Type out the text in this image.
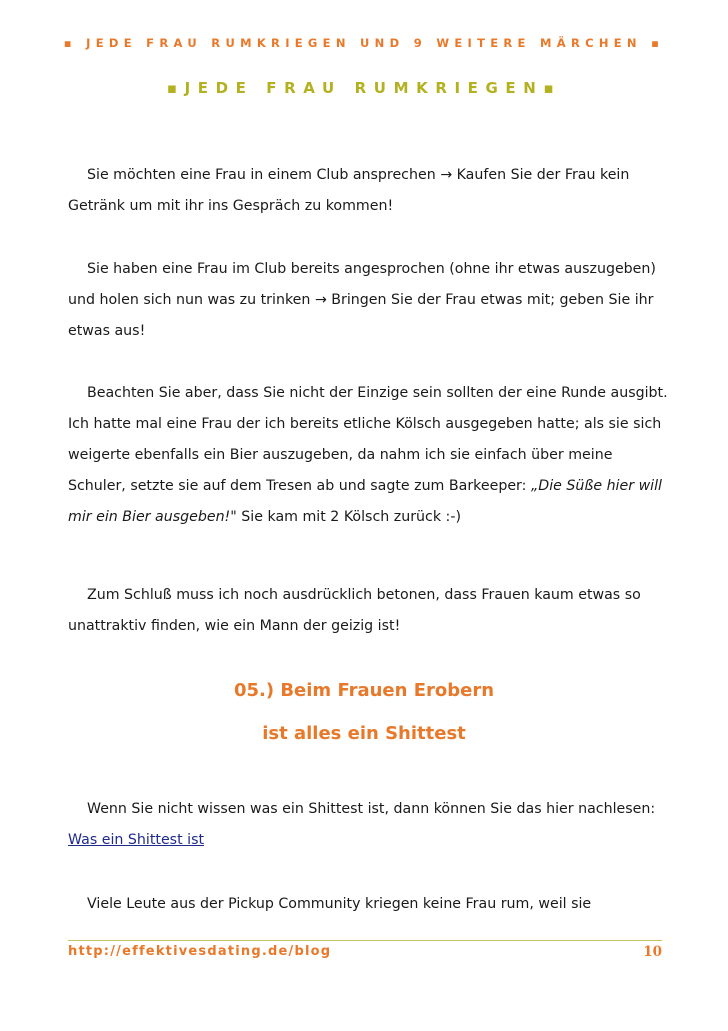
▪ JEDE FRAU RUMKRIEGEN UND 9 WEITERE MÄRCHEN ▪
▪JEDE FRAU RUMKRIEGEN▪
Sie möchten eine Frau in einem Club ansprechen → Kaufen Sie der Frau kein Getränk um mit ihr ins Gespräch zu kommen!
Sie haben eine Frau im Club bereits angesprochen (ohne ihr etwas auszugeben) und holen sich nun was zu trinken → Bringen Sie der Frau etwas mit; geben Sie ihr etwas aus!
Beachten Sie aber, dass Sie nicht der Einzige sein sollten der eine Runde ausgibt. Ich hatte mal eine Frau der ich bereits etliche Kölsch ausgegeben hatte; als sie sich weigerte ebenfalls ein Bier auszugeben, da nahm ich sie einfach über meine Schuler, setzte sie auf dem Tresen ab und sagte zum Barkeeper: „Die Süße hier will mir ein Bier ausgeben!" Sie kam mit 2 Kölsch zurück :-)
Zum Schluß muss ich noch ausdrücklich betonen, dass Frauen kaum etwas so unattraktiv finden, wie ein Mann der geizig ist!
05.) Beim Frauen Erobern
ist alles ein Shittest
Wenn Sie nicht wissen was ein Shittest ist, dann können Sie das hier nachlesen: Was ein Shittest ist
Viele Leute aus der Pickup Community kriegen keine Frau rum, weil sie
http://effektivesdating.de/blog	10
